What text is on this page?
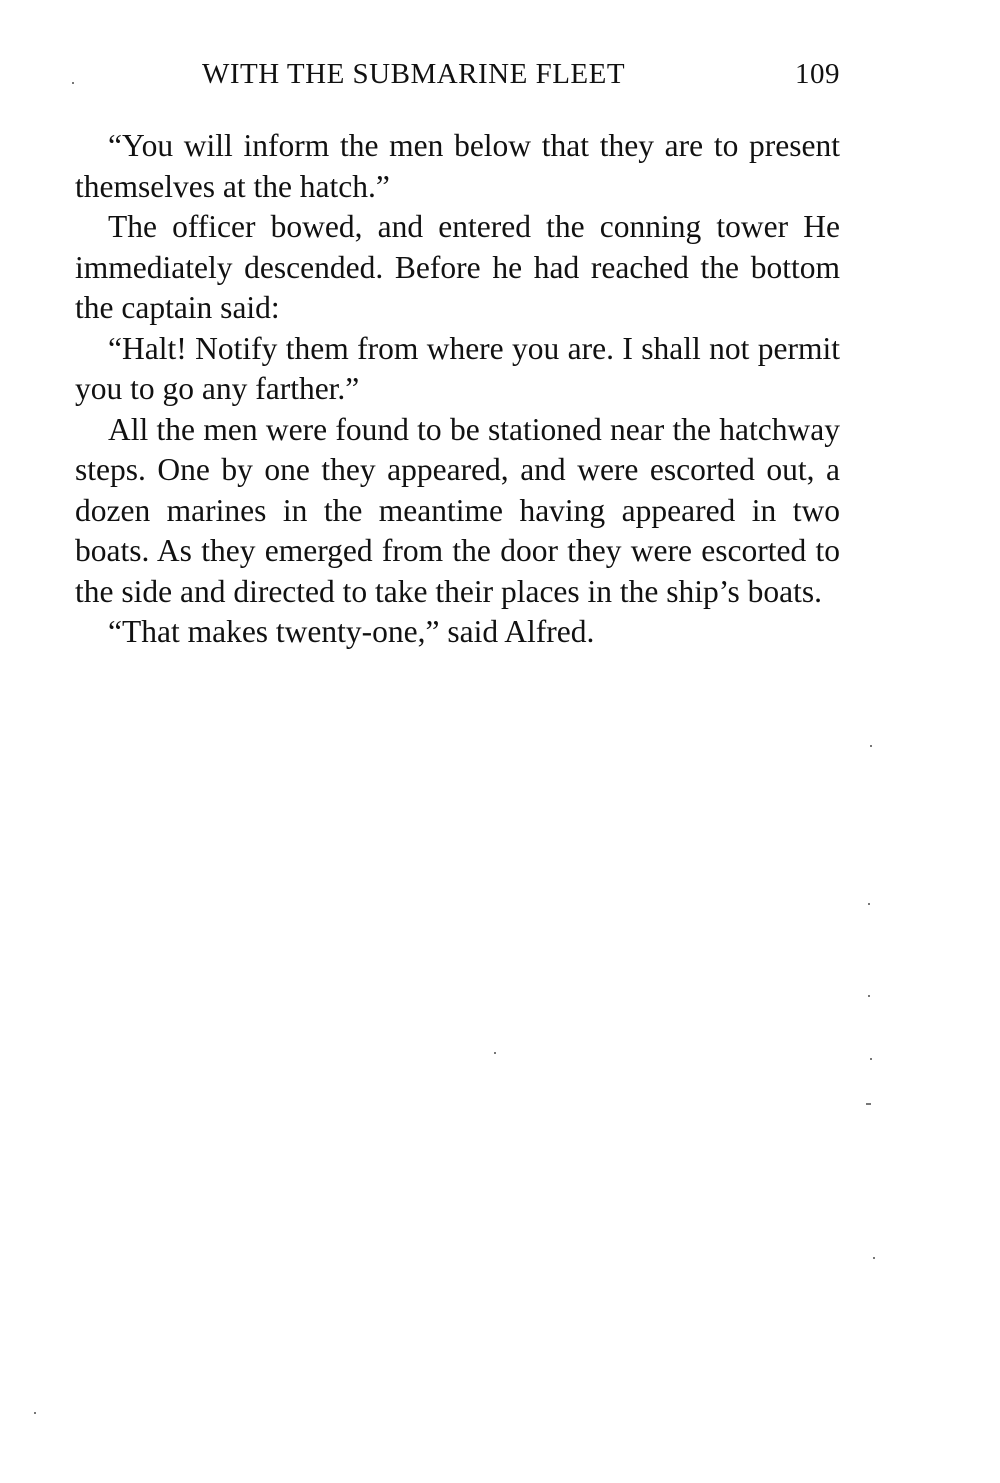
WITH THE SUBMARINE FLEET	109

“You will inform the men below that they are to present themselves at the hatch.”

The officer bowed, and entered the conning tower He immediately descended. Before he had reached the bottom the captain said:

“Halt! Notify them from where you are. I shall not permit you to go any farther.”

All the men were found to be stationed near the hatchway steps. One by one they appeared, and were escorted out, a dozen marines in the meantime having appeared in two boats. As they emerged from the door they were escorted to the side and directed to take their places in the ship’s boats.

“That makes twenty-one,” said Alfred.
